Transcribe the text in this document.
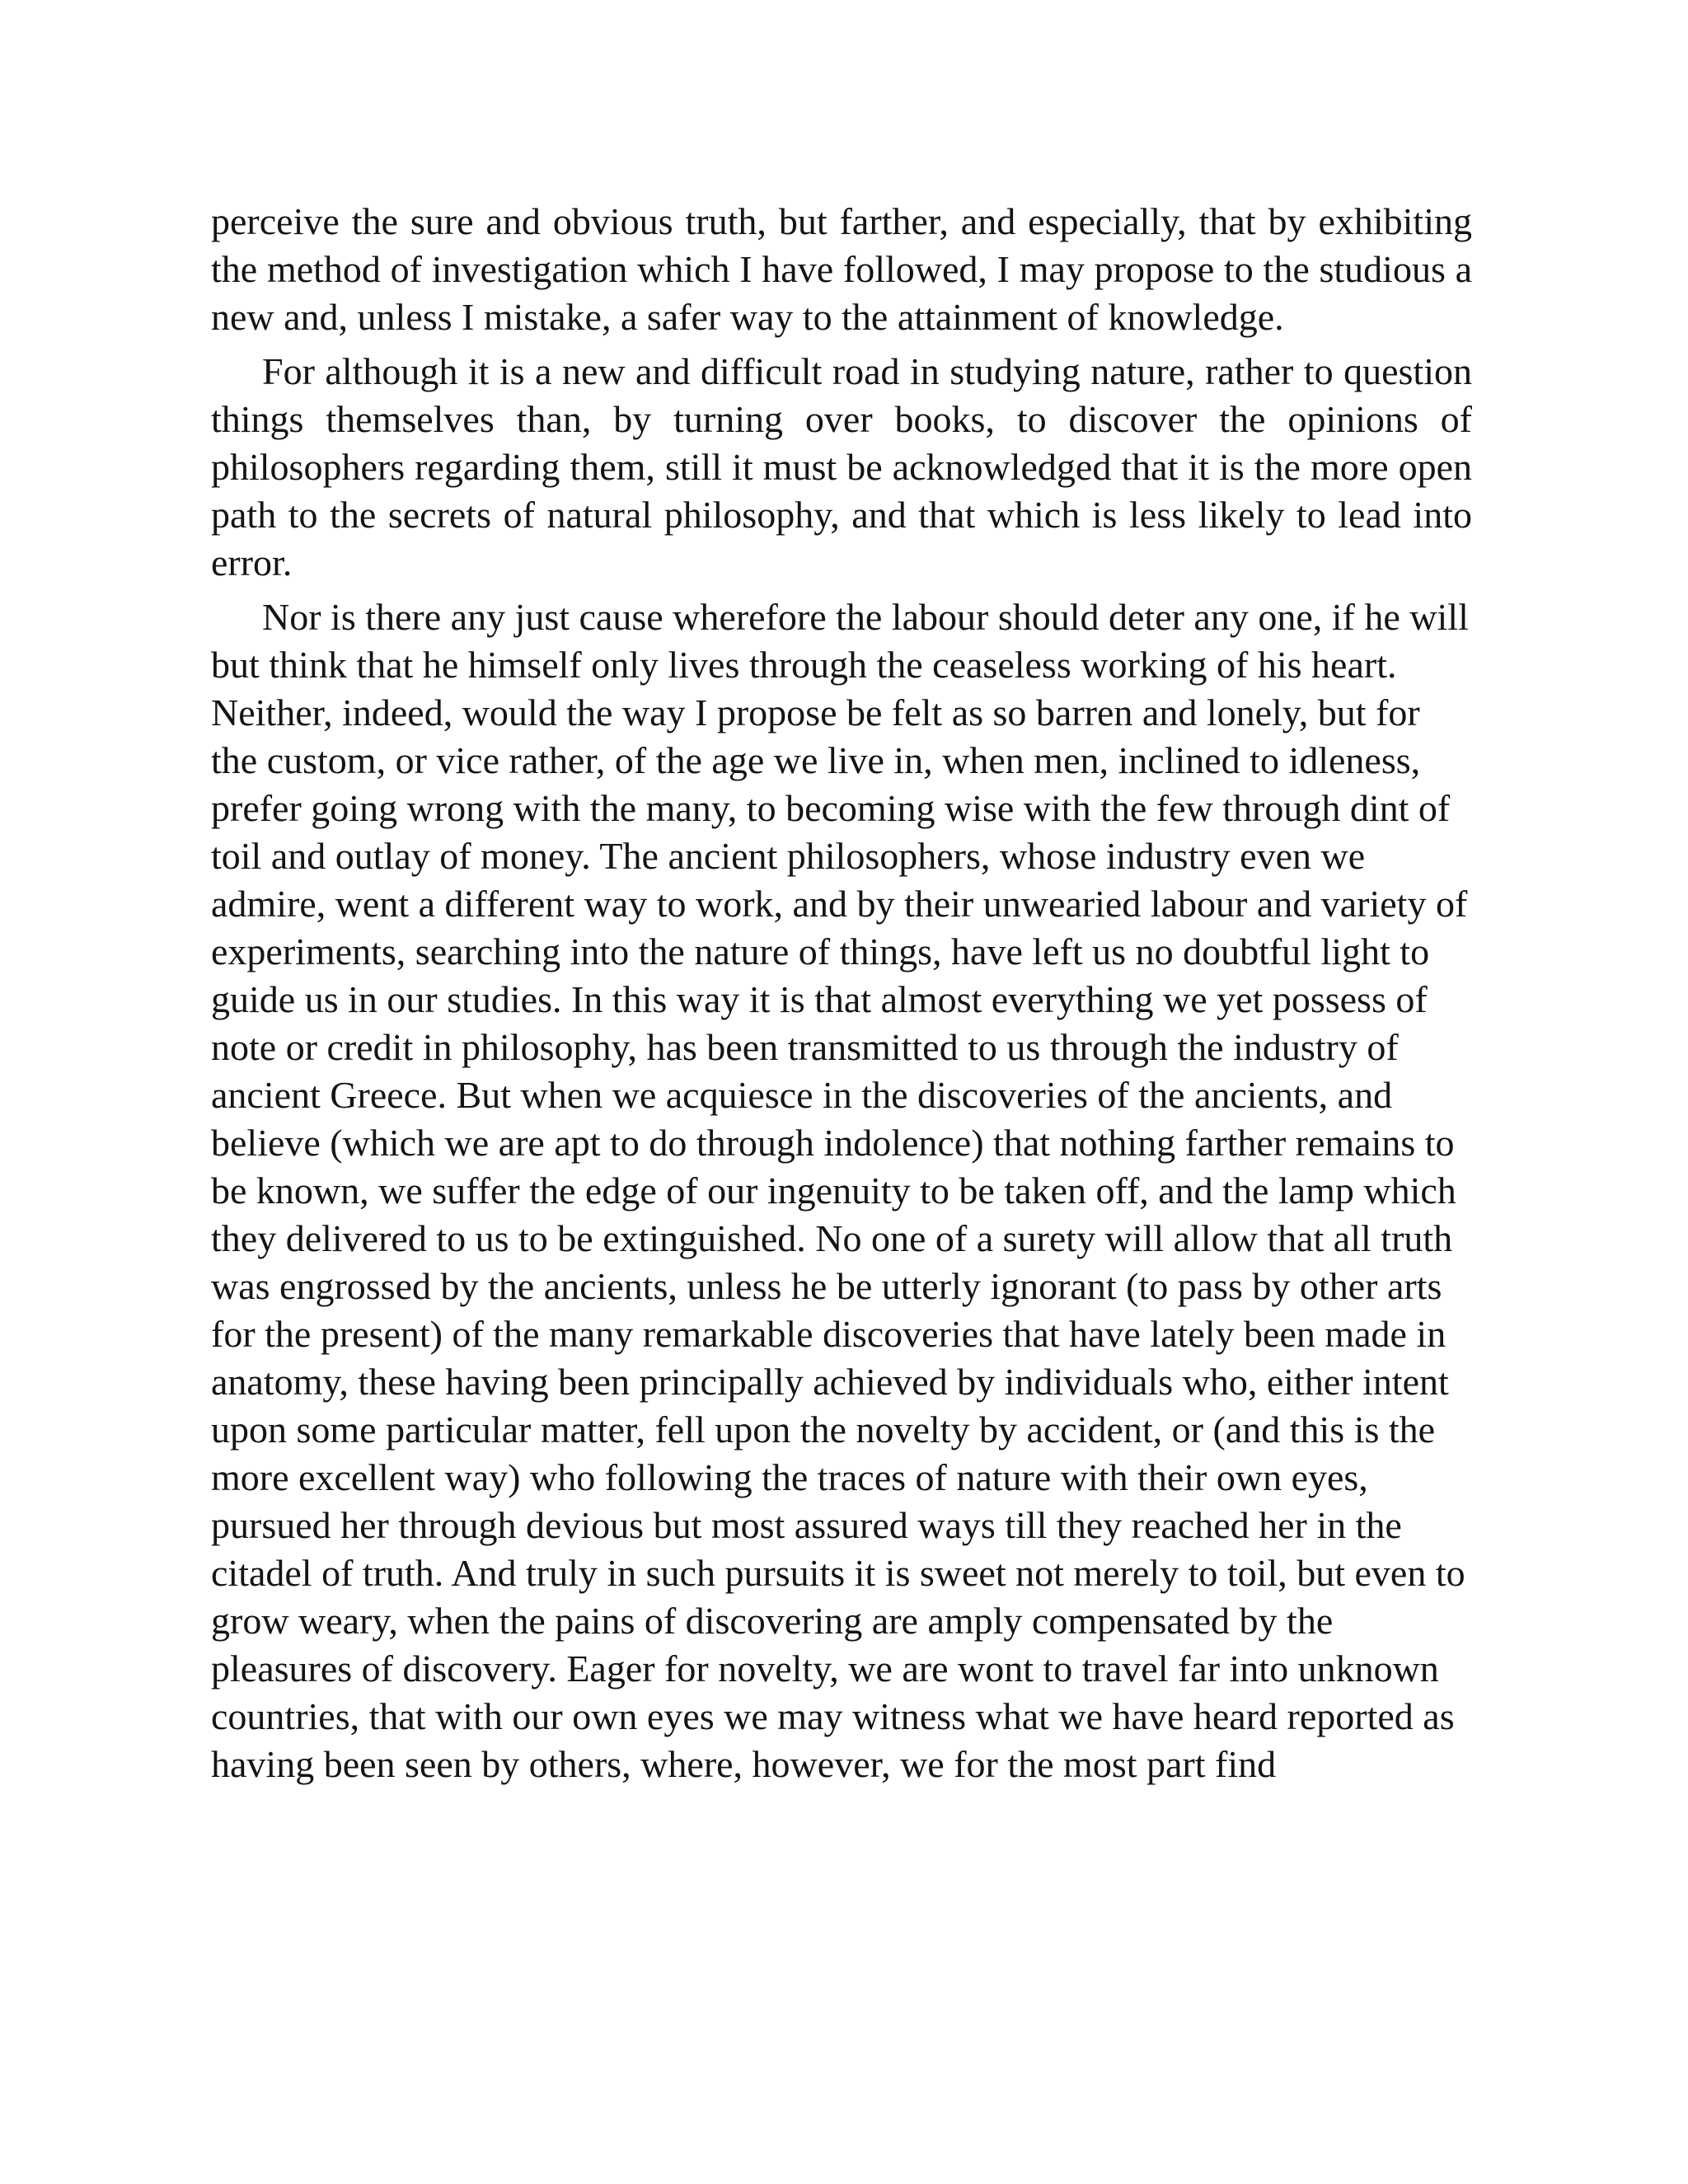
perceive the sure and obvious truth, but farther, and especially, that by exhibiting the method of investigation which I have followed, I may propose to the studious a new and, unless I mistake, a safer way to the attainment of knowledge.

For although it is a new and difficult road in studying nature, rather to question things themselves than, by turning over books, to discover the opinions of philosophers regarding them, still it must be acknowledged that it is the more open path to the secrets of natural philosophy, and that which is less likely to lead into error.

Nor is there any just cause wherefore the labour should deter any one, if he will but think that he himself only lives through the ceaseless working of his heart. Neither, indeed, would the way I propose be felt as so barren and lonely, but for the custom, or vice rather, of the age we live in, when men, inclined to idleness, prefer going wrong with the many, to becoming wise with the few through dint of toil and outlay of money. The ancient philosophers, whose industry even we admire, went a different way to work, and by their unwearied labour and variety of experiments, searching into the nature of things, have left us no doubtful light to guide us in our studies. In this way it is that almost everything we yet possess of note or credit in philosophy, has been transmitted to us through the industry of ancient Greece. But when we acquiesce in the discoveries of the ancients, and believe (which we are apt to do through indolence) that nothing farther remains to be known, we suffer the edge of our ingenuity to be taken off, and the lamp which they delivered to us to be extinguished. No one of a surety will allow that all truth was engrossed by the ancients, unless he be utterly ignorant (to pass by other arts for the present) of the many remarkable discoveries that have lately been made in anatomy, these having been principally achieved by individuals who, either intent upon some particular matter, fell upon the novelty by accident, or (and this is the more excellent way) who following the traces of nature with their own eyes, pursued her through devious but most assured ways till they reached her in the citadel of truth. And truly in such pursuits it is sweet not merely to toil, but even to grow weary, when the pains of discovering are amply compensated by the pleasures of discovery. Eager for novelty, we are wont to travel far into unknown countries, that with our own eyes we may witness what we have heard reported as having been seen by others, where, however, we for the most part find
